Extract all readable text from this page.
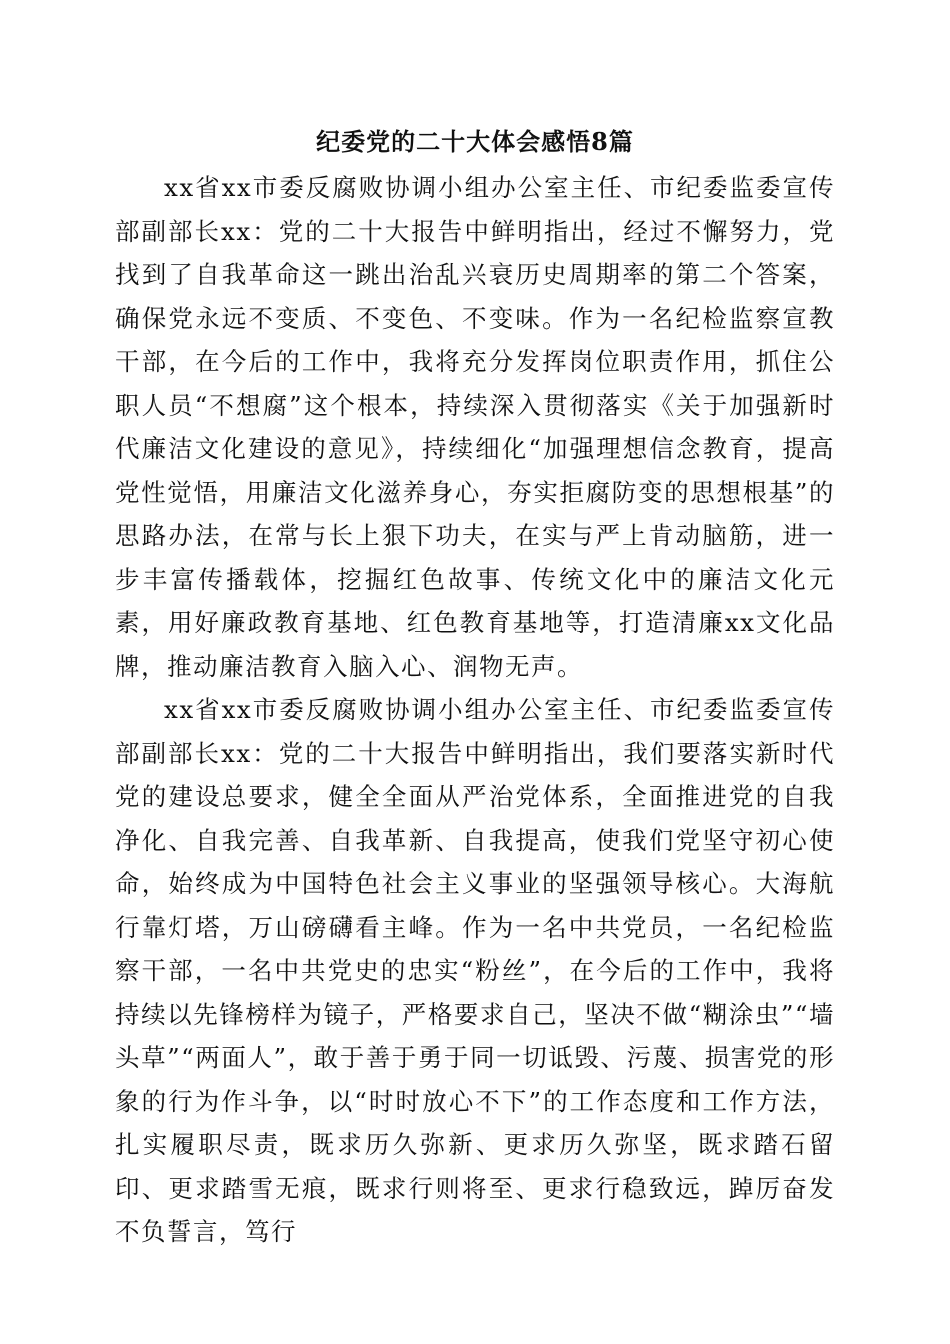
纪委党的二十大体会感悟8篇

xx省xx市委反腐败协调小组办公室主任、市纪委监委宣传部副部长xx：党的二十大报告中鲜明指出，经过不懈努力，党找到了自我革命这一跳出治乱兴衰历史周期率的第二个答案，确保党永远不变质、不变色、不变味。作为一名纪检监察宣教干部，在今后的工作中，我将充分发挥岗位职责作用，抓住公职人员“不想腐”这个根本，持续深入贯彻落实《关于加强新时代廉洁文化建设的意见》，持续细化“加强理想信念教育，提高党性觉悟，用廉洁文化滋养身心，夯实拒腐防变的思想根基”的思路办法，在常与长上狠下功夫，在实与严上肯动脑筋，进一步丰富传播载体，挖掘红色故事、传统文化中的廉洁文化元素，用好廉政教育基地、红色教育基地等，打造清廉xx文化品牌，推动廉洁教育入脑入心、润物无声。

xx省xx市委反腐败协调小组办公室主任、市纪委监委宣传部副部长xx：党的二十大报告中鲜明指出，我们要落实新时代党的建设总要求，健全全面从严治党体系，全面推进党的自我净化、自我完善、自我革新、自我提高，使我们党坚守初心使命，始终成为中国特色社会主义事业的坚强领导核心。大海航行靠灯塔，万山磅礴看主峰。作为一名中共党员，一名纪检监察干部，一名中共党史的忠实“粉丝”，在今后的工作中，我将持续以先锋榜样为镜子，严格要求自己，坚决不做“糊涂虫”“墙头草”“两面人”，敢于善于勇于同一切诋毁、污蔑、损害党的形象的行为作斗争，以“时时放心不下”的工作态度和工作方法，扎实履职尽责，既求历久弥新、更求历久弥坚，既求踏石留印、更求踏雪无痕，既求行则将至、更求行稳致远，踔厉奋发不负誓言，笃行
